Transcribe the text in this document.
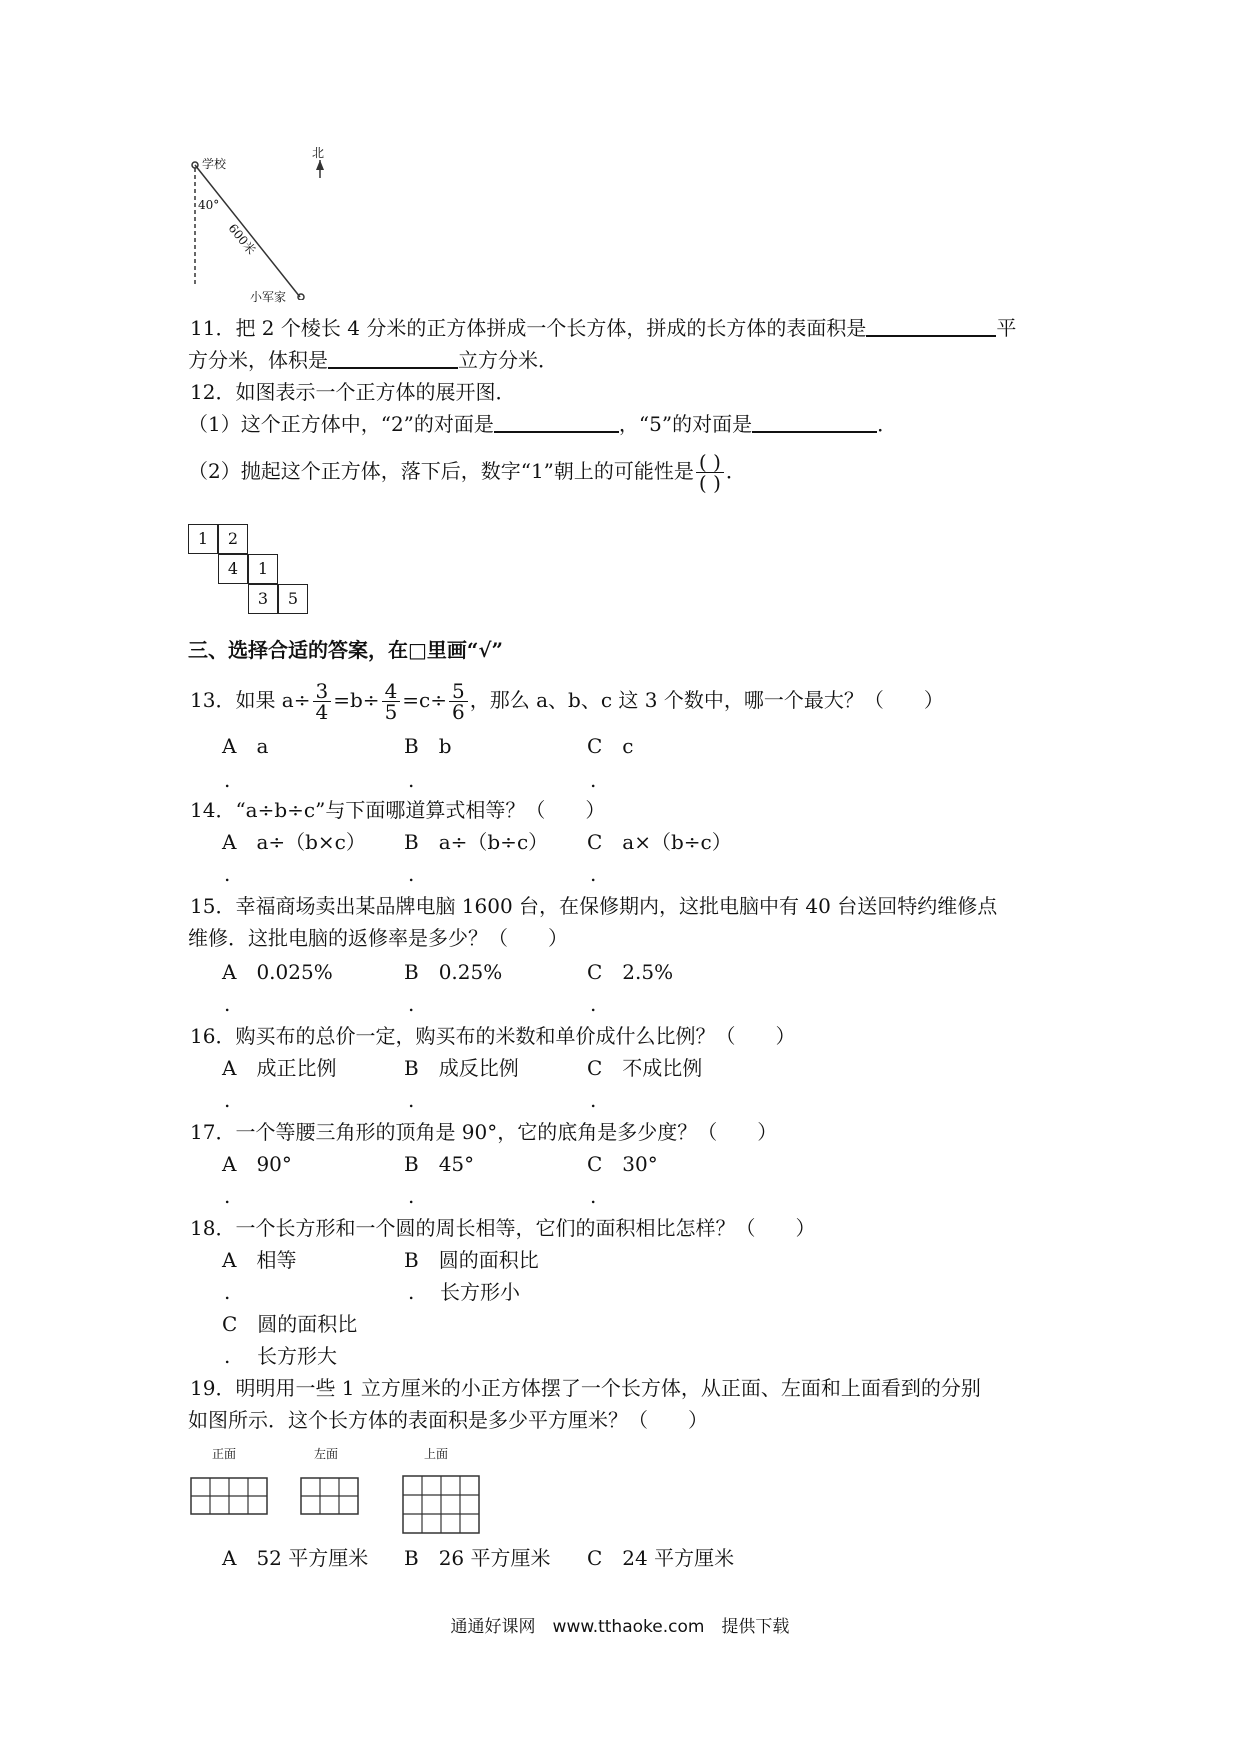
学校
北
40°
600米
小军家
11．把 2 个棱长 4 分米的正方体拼成一个长方体，拼成的长方体的表面积是	平
方分米，体积是	立方分米．
12．如图表示一个正方体的展开图．
（1）这个正方体中，“2”的对面是	，“5”的对面是	．
（2）抛起这个正方体，落下后，数字“1”朝上的可能性是 $\frac{( )}{( )}$ ．
1	2
4	1
3	5
三、选择合适的答案，在□里画“√”
13．如果 $a\div \frac{3}{4} =b\div \frac{4}{5} =c\div \frac{5}{6}$ ，那么 a、b、c 这 3 个数中，哪一个最大？（　　）
A　a	B　b	C　c
.	.	.
14．“a÷b÷c”与下面哪道算式相等？（　　）
A　a÷（b×c） B　a÷（b÷c） C　a×（b÷c）
.	.	.
15．幸福商场卖出某品牌电脑 1600 台，在保修期内，这批电脑中有 40 台送回特约维修点
维修．这批电脑的返修率是多少？（　　）
A　0.025%	B　0.25%	C　2.5%
.	.	.
16．购买布的总价一定，购买布的米数和单价成什么比例？（　　）
A　成正比例	B　成反比例	C　不成比例
.	.	.
17．一个等腰三角形的顶角是 90°，它的底角是多少度？（　　）
A　90°	B　45°	C　30°
.	.	.
18．一个长方形和一个圆的周长相等，它们的面积相比怎样？（　　）
A　相等	B　圆的面积比
.	. 长方形小
C　圆的面积比
. 长方形大
19．明明用一些 1 立方厘米的小正方体摆了一个长方体，从正面、左面和上面看到的分别
如图所示．这个长方体的表面积是多少平方厘米？（　　）
正面	左面	上面
A　52 平方厘米 B　26 平方厘米 C　24 平方厘米
通通好课网　www.tthaoke.com　提供下载
